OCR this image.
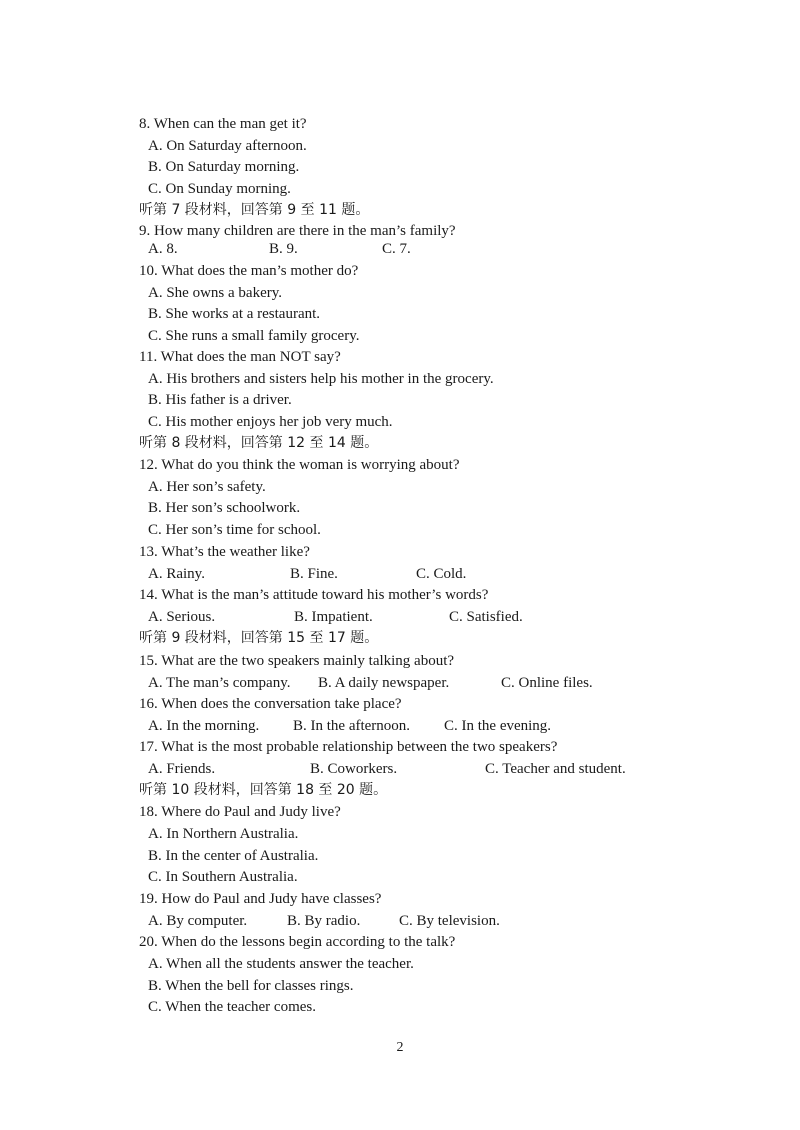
8. When can the man get it?
A. On Saturday afternoon.
B. On Saturday morning.
C. On Sunday morning.
听第 7 段材料，回答第 9 至 11 题。
9. How many children are there in the man’s family?
A. 8.	B. 9.	C. 7.
10. What does the man’s mother do?
A. She owns a bakery.
B. She works at a restaurant.
C. She runs a small family grocery.
11. What does the man NOT say?
A. His brothers and sisters help his mother in the grocery.
B. His father is a driver.
C. His mother enjoys her job very much.
听第 8 段材料，回答第 12 至 14 题。
12. What do you think the woman is worrying about?
A. Her son’s safety.
B. Her son’s schoolwork.
C. Her son’s time for school.
13. What’s the weather like?
A. Rainy.	B. Fine.	C. Cold.
14. What is the man’s attitude toward his mother’s words?
A. Serious.	B. Impatient.	C. Satisfied.
听第 9 段材料，回答第 15 至 17 题。
15. What are the two speakers mainly talking about?
A. The man’s company. B. A daily newspaper.	C. Online files.
16. When does the conversation take place?
A. In the morning. B. In the afternoon. C. In the evening.
17. What is the most probable relationship between the two speakers?
A. Friends.	B. Coworkers.	C. Teacher and student.
听第 10 段材料，回答第 18 至 20 题。
18. Where do Paul and Judy live?
A. In Northern Australia.
B. In the center of Australia.
C. In Southern Australia.
19. How do Paul and Judy have classes?
A. By computer.	B. By radio.	C. By television.
20. When do the lessons begin according to the talk?
A. When all the students answer the teacher.
B. When the bell for classes rings.
C. When the teacher comes.
2
